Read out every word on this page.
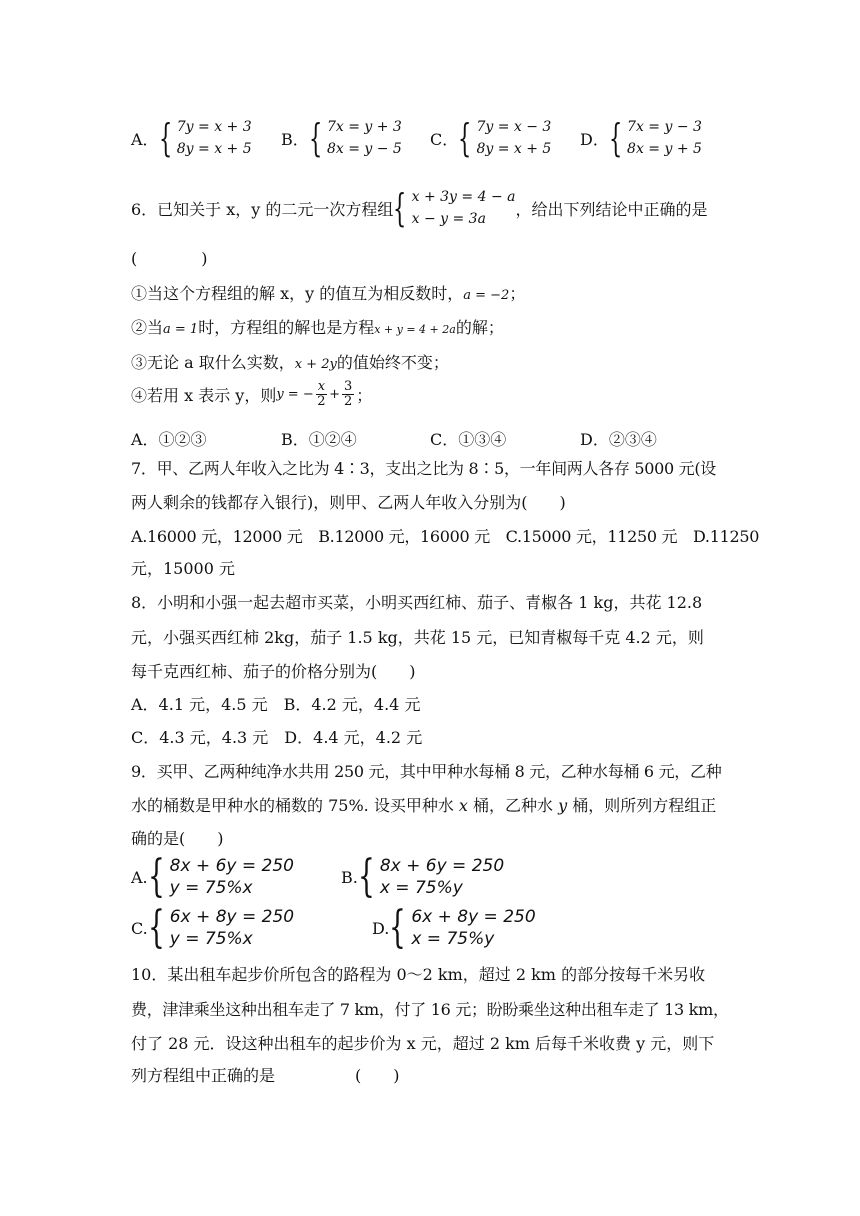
A． { 7y = x + 3
8y = x + 5
B． { 7x = y + 3
8x = y − 5
C． { 7y = x − 3
8y = x + 5
D． { 7x = y − 3
8x = y + 5
6．已知关于 x，y 的二元一次方程组 { x + 3y = 4 − a
x − y = 3a
，给出下列结论中正确的是
(　　　　)
①当这个方程组的解 x，y 的值互为相反数时，a = −2；
②当a = 1时，方程组的解也是方程x + y = 4 + 2a的解；
③无论 a 取什么实数，x + 2y的值始终不变；
④若用 x 表示 y，则 y = − $\frac{x}{2} + \frac{3}{2}$ ；
A．①②③	B．①②④	C．①③④	D．②③④
7．甲、乙两人年收入之比为 4∶3，支出之比为 8∶5，一年间两人各存 5000 元(设
两人剩余的钱都存入银行)，则甲、乙两人年收入分别为(　　)
A.16000 元，12000 元　B.12000 元，16000 元　C.15000 元，11250 元　D.11250
元，15000 元
8．小明和小强一起去超市买菜，小明买西红柿、茄子、青椒各 1 kg，共花 12.8
元，小强买西红柿 2kg，茄子 1.5 kg，共花 15 元，已知青椒每千克 4.2 元，则
每千克西红柿、茄子的价格分别为(　　)
A．4.1 元，4.5 元　B．4.2 元，4.4 元
C．4.3 元，4.3 元　D．4.4 元，4.2 元
9．买甲、乙两种纯净水共用 250 元，其中甲种水每桶 8 元，乙种水每桶 6 元，乙种
水的桶数是甲种水的桶数的 75%. 设买甲种水 x 桶，乙种水 y 桶，则所列方程组正
确的是(　　)
A. { 8x + 6y = 250
y = 75%x
B. { 8x + 6y = 250
x = 75%y
C. { 6x + 8y = 250
y = 75%x
D. { 6x + 8y = 250
x = 75%y
10．某出租车起步价所包含的路程为 0～2 km，超过 2 km 的部分按每千米另收
费，津津乘坐这种出租车走了 7 km，付了 16 元；盼盼乘坐这种出租车走了 13 km，
付了 28 元．设这种出租车的起步价为 x 元，超过 2 km 后每千米收费 y 元，则下
列方程组中正确的是　　　　　(　　)
